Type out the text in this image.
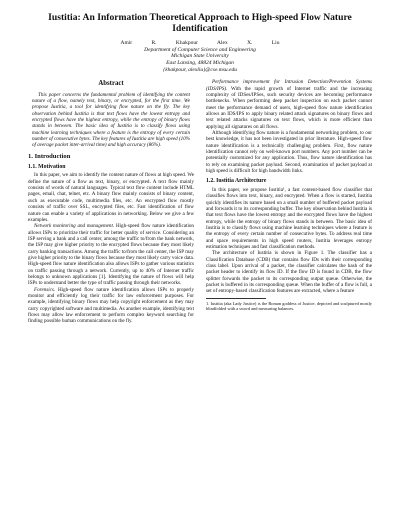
Iustitia: An Information Theoretical Approach to High-speed Flow Nature Identification
Amir R. Khakpour	Alex X. Liu
Department of Computer Science and Engineering
Michigan State University
East Lansing, 48824 Michigan
{khakpour, alexliu}@cse.msu.edu
Abstract

This paper concerns the fundamental problem of identifying the content nature of a flow, namely text, binary, or encrypted, for the first time. We propose Iustitia, a tool for identifying flow nature on the fly. The key observation behind Iustitia is that text flows have the lowest entropy and encrypted flows have the highest entropy, while the entropy of binary flows stands in between. The basic idea of Iustitia is to classify flows using machine learning techniques where a feature is the entropy of every certain number of consecutive bytes. The key features of Iustitia are high speed (10% of average packet inter-arrival time) and high accuracy (86%).

1. Introduction
1.1. Motivation

In this paper, we aim to identify the content nature of flows at high speed. We define the nature of a flow as text, binary, or encrypted. A text flow mainly consists of words of natural languages. Typical text flow content include HTML pages, email, chat, telnet, etc. A binary flow mainly consists of binary content, such as executable code, multimedia files, etc. An encrypted flow mostly consists of traffic over SSL, encrypted files, etc. Fast identification of flow nature can enable a variety of applications in networking. Below we give a few examples.

Network monitoring and management. High-speed flow nature identification allows ISPs to prioritize their traffic for better quality of service. Considering an ISP serving a bank and a call center, among the traffic to/from the bank network, the ISP may give higher priority to the encrypted flows because they most likely carry banking transactions. Among the traffic to/from the call center, the ISP may give higher priority to the binary flows because they most likely carry voice data. High-speed flow nature identification also allows ISPs to gather various statistics on traffic passing through a network. Currently, up to 40% of Internet traffic belongs to unknown applications [1]. Identifying the nature of flows will help ISPs to understand better the type of traffic passing through their networks.

Forensics. High-speed flow nature identification allows ISPs to properly monitor and efficiently log their traffic for law enforcement purposes. For example, identifying binary flows may help copyright enforcement as they may carry copyrighted software and multimedia. As another example, identifying text flows may allow law enforcement to perform complex keyword searching for finding possible human communications on the fly.

Performance improvement for Intrusion Detection/Prevention Systems (IDS/IPS). With the rapid growth of Internet traffic and the increasing complexity of IDSes/IPSes, such security devices are becoming performance bottlenecks. When performing deep packet inspection on each packet cannot meet the performance demand of users, high-speed flow nature identification allows an IDS/IPS to apply binary related attack signatures on binary flows and text related attacks signatures on text flows, which is more efficient than applying all signatures on all flows.

Although identifying flow nature is a fundamental networking problem, to our best knowledge, it has not been investigated in prior literature. High-speed flow nature identification is a technically challenging problem. First, flow nature identification cannot rely on well-known port numbers. Any port number can be potentially customized for any application. Thus, flow nature identification has to rely on examining packet payload. Second, examination of packet payload at high speed is difficult for high bandwidth links.

1.2. Iustitia Architecture

In this paper, we propose Iustitia¹, a fast content-based flow classifier that classifies flows into text, binary, and encrypted. When a flow is started, Iustitia quickly identifies its nature based on a small number of buffered packet payload and forwards it to its corresponding buffer. The key observation behind Iustitia is that text flows have the lowest entropy and the encrypted flows have the highest entropy, while the entropy of binary flows stands in between. The basic idea of Iustitia is to classify flows using machine learning techniques where a feature is the entropy of every certain number of consecutive bytes. To address real time and space requirements in high speed routers, Iustitia leverages entropy estimation techniques and fast classification methods.

The architecture of Iustitia is shown in Figure 1. The classifier has a Classification Database (CDB) that contains flow IDs with their corresponding class label. Upon arrival of a packet, the classifier calculates the hash of the packet header to identify its flow ID. If the flow ID is found in CDB, the flow splitter forwards the packet to its corresponding output queue. Otherwise, the packet is buffered in its corresponding queue. When the buffer of a flow is full, a set of entropy-based classification features are extracted, where a feature

1. Iustitia (aka Lady Justice) is the Roman goddess of Justice, depicted and sculptured mostly blindfolded with a sword and measuring balances.
